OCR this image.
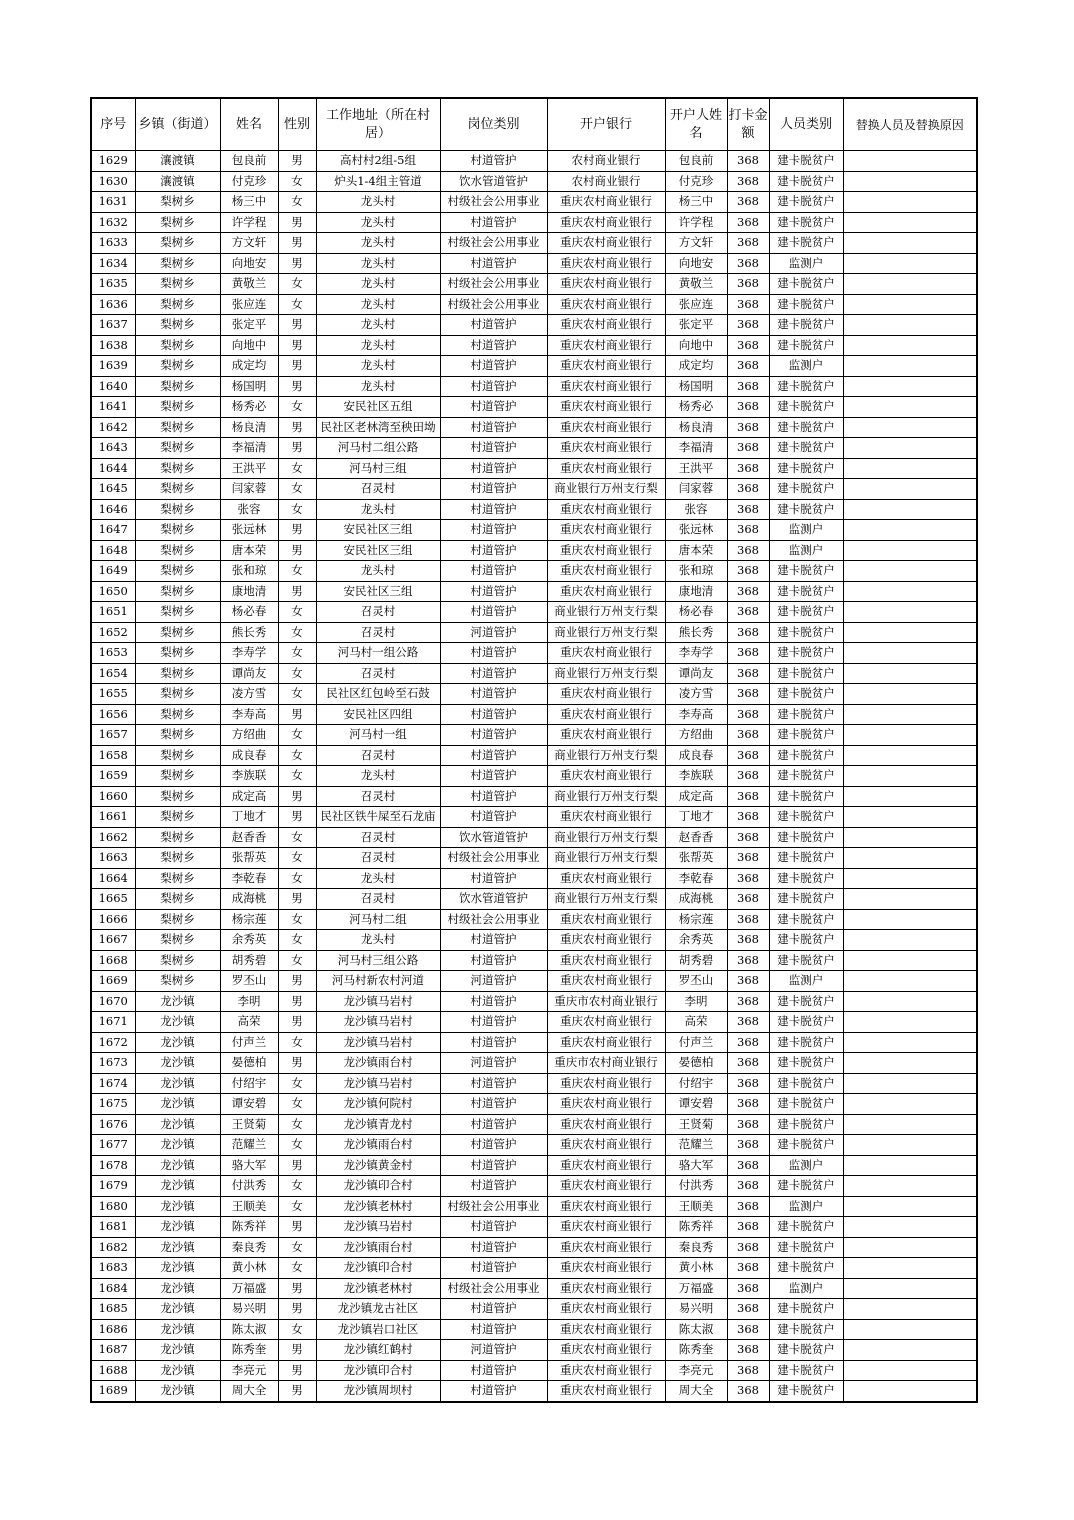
序号	乡镇（街道）	姓名	性别	工作地址（所在村居）	岗位类别	开户银行	开户人姓名	打卡金额	人员类别	替换人员及替换原因
1629	瀼渡镇	包良前	男	高村村2组-5组	村道管护	农村商业银行	包良前	368	建卡脱贫户	
1630	瀼渡镇	付克珍	女	炉头1-4组主管道	饮水管道管护	农村商业银行	付克珍	368	建卡脱贫户	
1631	梨树乡	杨三中	女	龙头村	村级社会公用事业	重庆农村商业银行	杨三中	368	建卡脱贫户	
1632	梨树乡	许学程	男	龙头村	村道管护	重庆农村商业银行	许学程	368	建卡脱贫户	
1633	梨树乡	方文轩	男	龙头村	村级社会公用事业	重庆农村商业银行	方文轩	368	建卡脱贫户	
1634	梨树乡	向地安	男	龙头村	村道管护	重庆农村商业银行	向地安	368	监测户	
1635	梨树乡	黄敬兰	女	龙头村	村级社会公用事业	重庆农村商业银行	黄敬兰	368	建卡脱贫户	
1636	梨树乡	张应连	女	龙头村	村级社会公用事业	重庆农村商业银行	张应连	368	建卡脱贫户	
1637	梨树乡	张定平	男	龙头村	村道管护	重庆农村商业银行	张定平	368	建卡脱贫户	
1638	梨树乡	向地中	男	龙头村	村道管护	重庆农村商业银行	向地中	368	建卡脱贫户	
1639	梨树乡	成定均	男	龙头村	村道管护	重庆农村商业银行	成定均	368	监测户	
1640	梨树乡	杨国明	男	龙头村	村道管护	重庆农村商业银行	杨国明	368	建卡脱贫户	
1641	梨树乡	杨秀必	女	安民社区五组	村道管护	重庆农村商业银行	杨秀必	368	建卡脱贫户	
1642	梨树乡	杨良清	男	民社区老林湾至秧田坳	村道管护	重庆农村商业银行	杨良清	368	建卡脱贫户	
1643	梨树乡	李福清	男	河马村二组公路	村道管护	重庆农村商业银行	李福清	368	建卡脱贫户	
1644	梨树乡	王洪平	女	河马村三组	村道管护	重庆农村商业银行	王洪平	368	建卡脱贫户	
1645	梨树乡	闫家蓉	女	召灵村	村道管护	商业银行万州支行梨	闫家蓉	368	建卡脱贫户	
1646	梨树乡	张容	女	龙头村	村道管护	重庆农村商业银行	张容	368	建卡脱贫户	
1647	梨树乡	张远林	男	安民社区三组	村道管护	重庆农村商业银行	张远林	368	监测户	
1648	梨树乡	唐本荣	男	安民社区三组	村道管护	重庆农村商业银行	唐本荣	368	监测户	
1649	梨树乡	张和琼	女	龙头村	村道管护	重庆农村商业银行	张和琼	368	建卡脱贫户	
1650	梨树乡	康地清	男	安民社区三组	村道管护	重庆农村商业银行	康地清	368	建卡脱贫户	
1651	梨树乡	杨必春	女	召灵村	村道管护	商业银行万州支行梨	杨必春	368	建卡脱贫户	
1652	梨树乡	熊长秀	女	召灵村	河道管护	商业银行万州支行梨	熊长秀	368	建卡脱贫户	
1653	梨树乡	李寿学	女	河马村一组公路	村道管护	重庆农村商业银行	李寿学	368	建卡脱贫户	
1654	梨树乡	谭尚友	女	召灵村	村道管护	商业银行万州支行梨	谭尚友	368	建卡脱贫户	
1655	梨树乡	凌方雪	女	民社区红包岭至石鼓	村道管护	重庆农村商业银行	凌方雪	368	建卡脱贫户	
1656	梨树乡	李寿高	男	安民社区四组	村道管护	重庆农村商业银行	李寿高	368	建卡脱贫户	
1657	梨树乡	方绍曲	女	河马村一组	村道管护	重庆农村商业银行	方绍曲	368	建卡脱贫户	
1658	梨树乡	成良春	女	召灵村	村道管护	商业银行万州支行梨	成良春	368	建卡脱贫户	
1659	梨树乡	李族联	女	龙头村	村道管护	重庆农村商业银行	李族联	368	建卡脱贫户	
1660	梨树乡	成定高	男	召灵村	村道管护	商业银行万州支行梨	成定高	368	建卡脱贫户	
1661	梨树乡	丁地才	男	民社区铁牛屎至石龙庙	村道管护	重庆农村商业银行	丁地才	368	建卡脱贫户	
1662	梨树乡	赵香香	女	召灵村	饮水管道管护	商业银行万州支行梨	赵香香	368	建卡脱贫户	
1663	梨树乡	张帮英	女	召灵村	村级社会公用事业	商业银行万州支行梨	张帮英	368	建卡脱贫户	
1664	梨树乡	李乾春	女	龙头村	村道管护	重庆农村商业银行	李乾春	368	建卡脱贫户	
1665	梨树乡	成海桃	男	召灵村	饮水管道管护	商业银行万州支行梨	成海桃	368	建卡脱贫户	
1666	梨树乡	杨宗莲	女	河马村二组	村级社会公用事业	重庆农村商业银行	杨宗莲	368	建卡脱贫户	
1667	梨树乡	余秀英	女	龙头村	村道管护	重庆农村商业银行	余秀英	368	建卡脱贫户	
1668	梨树乡	胡秀碧	女	河马村三组公路	村道管护	重庆农村商业银行	胡秀碧	368	建卡脱贫户	
1669	梨树乡	罗丕山	男	河马村新农村河道	河道管护	重庆农村商业银行	罗丕山	368	监测户	
1670	龙沙镇	李明	男	龙沙镇马岩村	村道管护	重庆市农村商业银行	李明	368	建卡脱贫户	
1671	龙沙镇	高荣	男	龙沙镇马岩村	村道管护	重庆农村商业银行	高荣	368	建卡脱贫户	
1672	龙沙镇	付声兰	女	龙沙镇马岩村	村道管护	重庆农村商业银行	付声兰	368	建卡脱贫户	
1673	龙沙镇	晏德柏	男	龙沙镇雨台村	河道管护	重庆市农村商业银行	晏德柏	368	建卡脱贫户	
1674	龙沙镇	付绍宇	女	龙沙镇马岩村	村道管护	重庆农村商业银行	付绍宇	368	建卡脱贫户	
1675	龙沙镇	谭安碧	女	龙沙镇何院村	村道管护	重庆农村商业银行	谭安碧	368	建卡脱贫户	
1676	龙沙镇	王贤菊	女	龙沙镇青龙村	村道管护	重庆农村商业银行	王贤菊	368	建卡脱贫户	
1677	龙沙镇	范耀兰	女	龙沙镇雨台村	村道管护	重庆农村商业银行	范耀兰	368	建卡脱贫户	
1678	龙沙镇	骆大军	男	龙沙镇黄金村	村道管护	重庆农村商业银行	骆大军	368	监测户	
1679	龙沙镇	付洪秀	女	龙沙镇印合村	村道管护	重庆农村商业银行	付洪秀	368	建卡脱贫户	
1680	龙沙镇	王顺美	女	龙沙镇老林村	村级社会公用事业	重庆农村商业银行	王顺美	368	监测户	
1681	龙沙镇	陈秀祥	男	龙沙镇马岩村	村道管护	重庆农村商业银行	陈秀祥	368	建卡脱贫户	
1682	龙沙镇	秦良秀	女	龙沙镇雨台村	村道管护	重庆农村商业银行	秦良秀	368	建卡脱贫户	
1683	龙沙镇	黄小林	女	龙沙镇印合村	村道管护	重庆农村商业银行	黄小林	368	建卡脱贫户	
1684	龙沙镇	万福盛	男	龙沙镇老林村	村级社会公用事业	重庆农村商业银行	万福盛	368	监测户	
1685	龙沙镇	易兴明	男	龙沙镇龙古社区	村道管护	重庆农村商业银行	易兴明	368	建卡脱贫户	
1686	龙沙镇	陈太淑	女	龙沙镇岩口社区	村道管护	重庆农村商业银行	陈太淑	368	建卡脱贫户	
1687	龙沙镇	陈秀奎	男	龙沙镇红鹤村	河道管护	重庆农村商业银行	陈秀奎	368	建卡脱贫户	
1688	龙沙镇	李亮元	男	龙沙镇印合村	村道管护	重庆农村商业银行	李亮元	368	建卡脱贫户	
1689	龙沙镇	周大全	男	龙沙镇周坝村	村道管护	重庆农村商业银行	周大全	368	建卡脱贫户	
